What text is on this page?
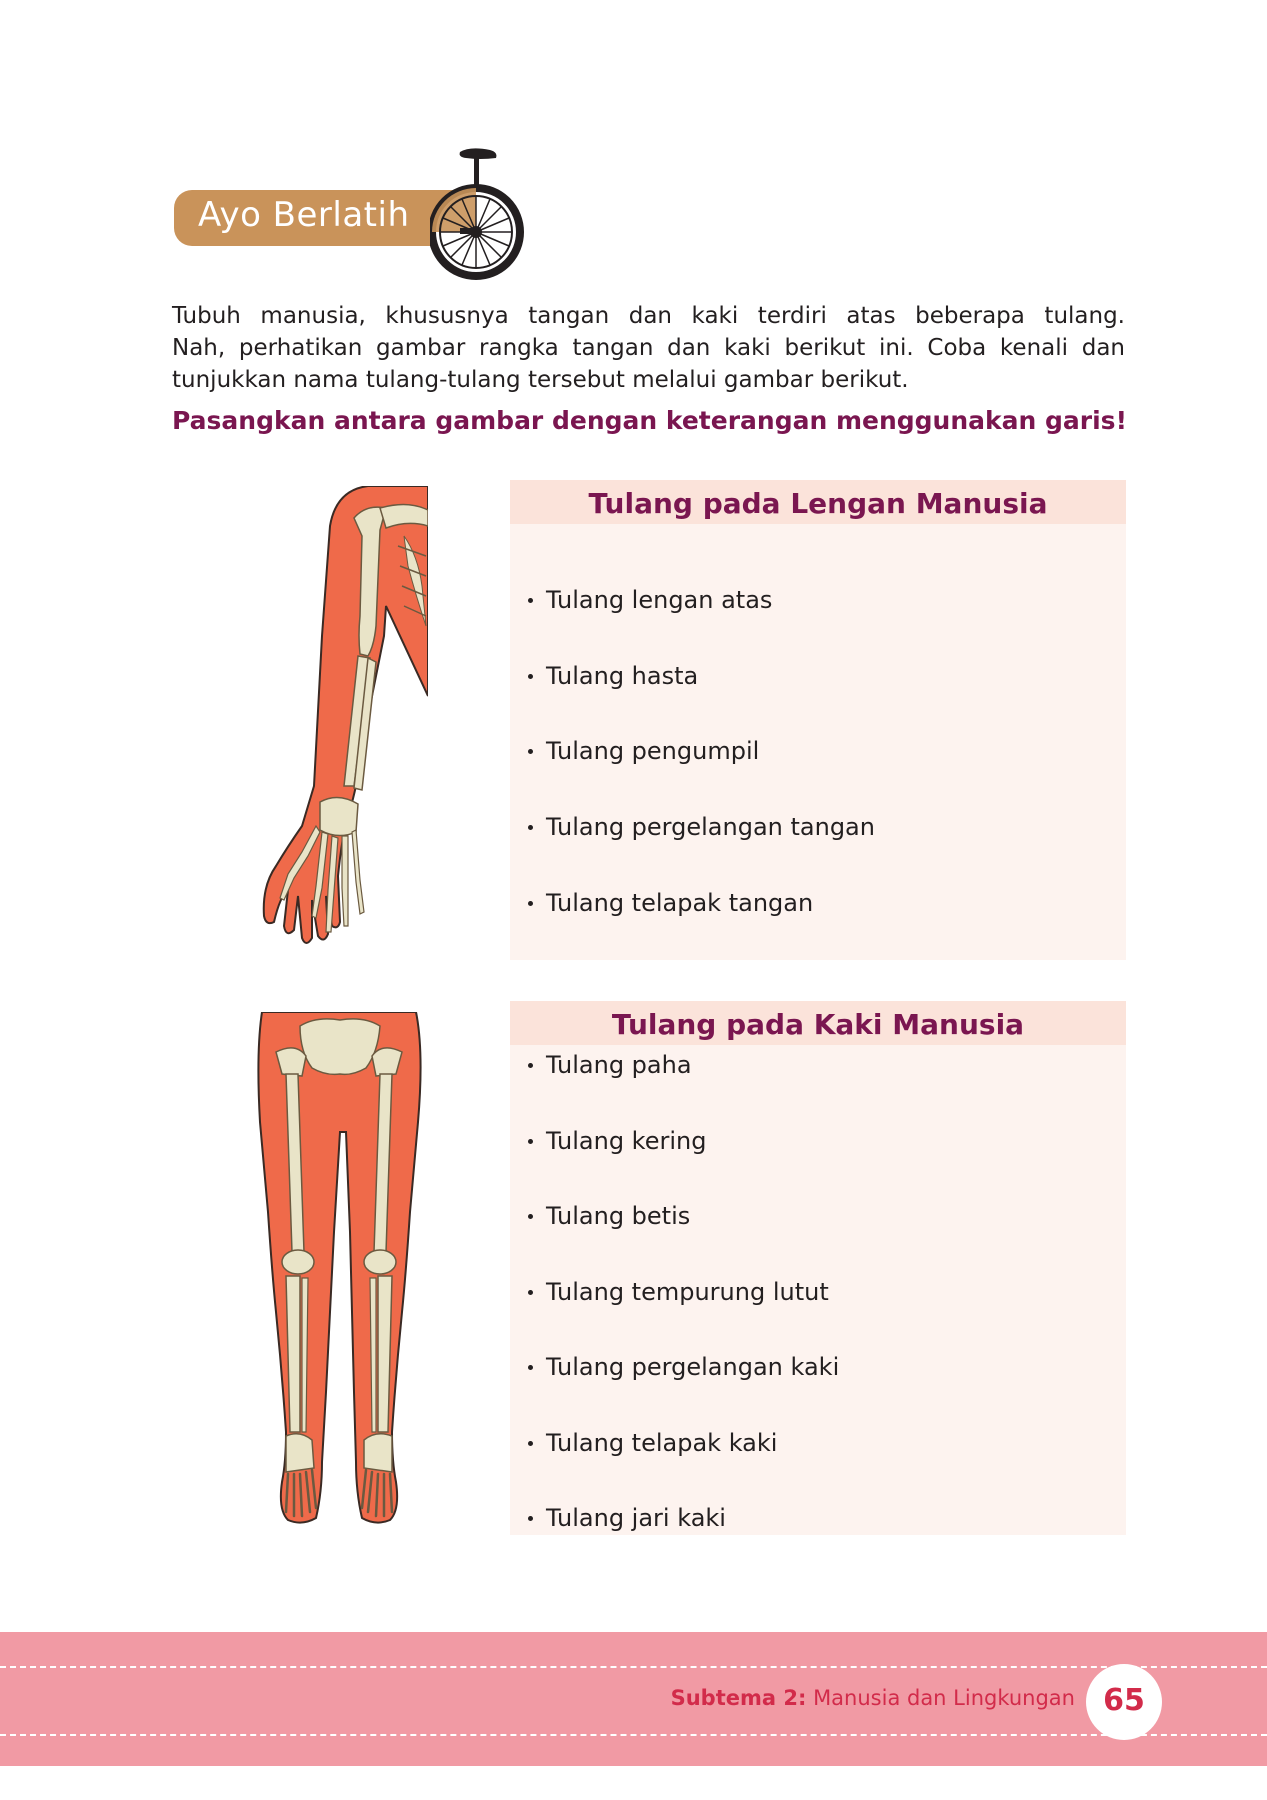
Ayo Berlatih
Tubuh manusia, khususnya tangan dan kaki terdiri atas beberapa tulang.
Nah, perhatikan gambar rangka tangan dan kaki berikut ini. Coba kenali dan
tunjukkan nama tulang-tulang tersebut melalui gambar berikut.
Pasangkan antara gambar dengan keterangan menggunakan garis!
Tulang pada Lengan Manusia
Tulang lengan atas
Tulang hasta
Tulang pengumpil
Tulang pergelangan tangan
Tulang telapak tangan
Tulang pada Kaki Manusia
Tulang paha
Tulang kering
Tulang betis
Tulang tempurung lutut
Tulang pergelangan kaki
Tulang telapak kaki
Tulang jari kaki
Subtema 2: Manusia dan Lingkungan 65
